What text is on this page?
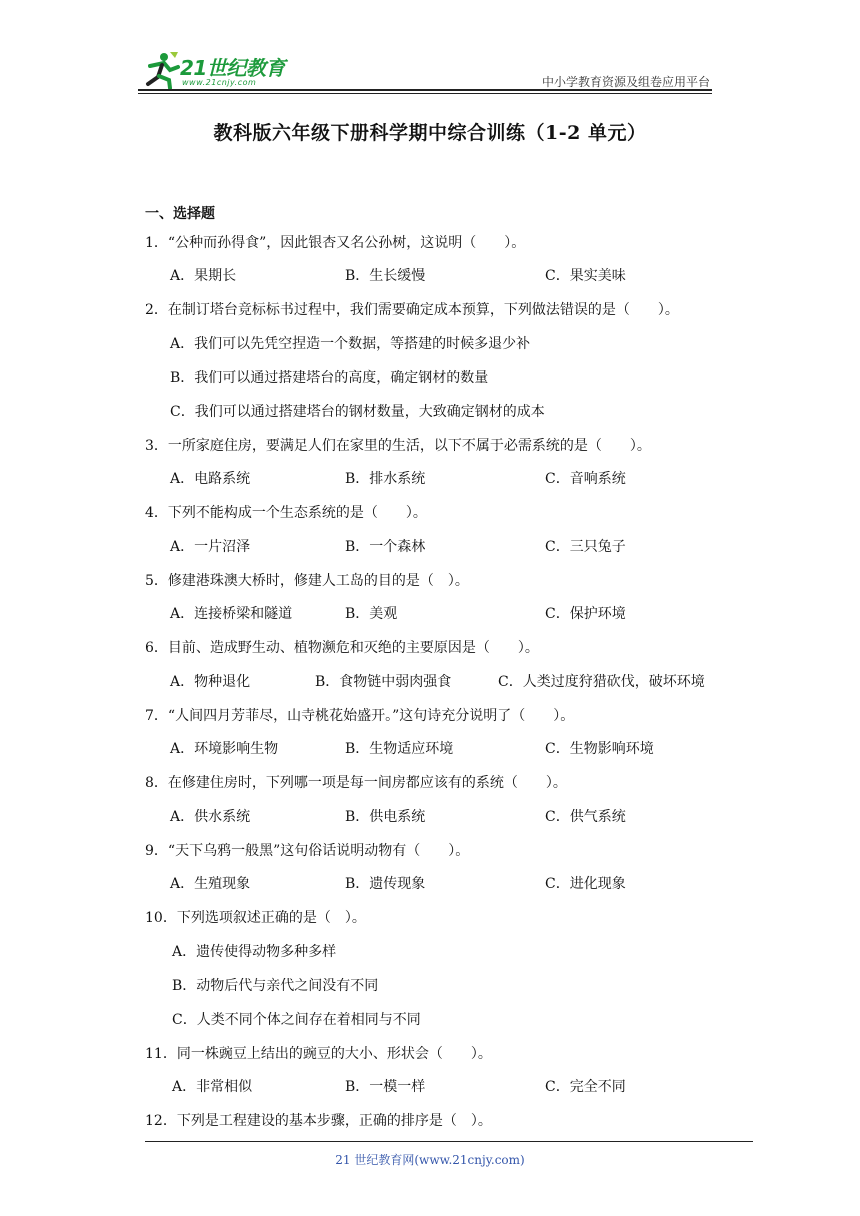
21世纪教育
www.21cnjy.com	中小学教育资源及组卷应用平台
教科版六年级下册科学期中综合训练（1-2 单元）
一、选择题
1．“公种而孙得食”，因此银杏又名公孙树，这说明（　　）。
A．果期长	B．生长缓慢	C．果实美味
2．在制订塔台竞标标书过程中，我们需要确定成本预算，下列做法错误的是（　　）。
A．我们可以先凭空捏造一个数据，等搭建的时候多退少补
B．我们可以通过搭建塔台的高度，确定钢材的数量
C．我们可以通过搭建塔台的钢材数量，大致确定钢材的成本
3．一所家庭住房，要满足人们在家里的生活，以下不属于必需系统的是（　　）。
A．电路系统	B．排水系统	C．音响系统
4．下列不能构成一个生态系统的是（　　）。
A．一片沼泽	B．一个森林	C．三只兔子
5．修建港珠澳大桥时，修建人工岛的目的是（　）。
A．连接桥梁和隧道	B．美观	C．保护环境
6．目前、造成野生动、植物濒危和灭绝的主要原因是（　　）。
A．物种退化	B．食物链中弱肉强食	C．人类过度狩猎砍伐，破坏环境
7．“人间四月芳菲尽，山寺桃花始盛开。”这句诗充分说明了（　　）。
A．环境影响生物	B．生物适应环境	C．生物影响环境
8．在修建住房时，下列哪一项是每一间房都应该有的系统（　　）。
A．供水系统	B．供电系统	C．供气系统
9．“天下乌鸦一般黑”这句俗话说明动物有（　　）。
A．生殖现象	B．遗传现象	C．进化现象
10．下列选项叙述正确的是（　）。
A．遗传使得动物多种多样
B．动物后代与亲代之间没有不同
C．人类不同个体之间存在着相同与不同
11．同一株豌豆上结出的豌豆的大小、形状会（　　）。
A．非常相似	B．一模一样	C．完全不同
12．下列是工程建设的基本步骤，正确的排序是（　）。
21 世纪教育网(www.21cnjy.com)
